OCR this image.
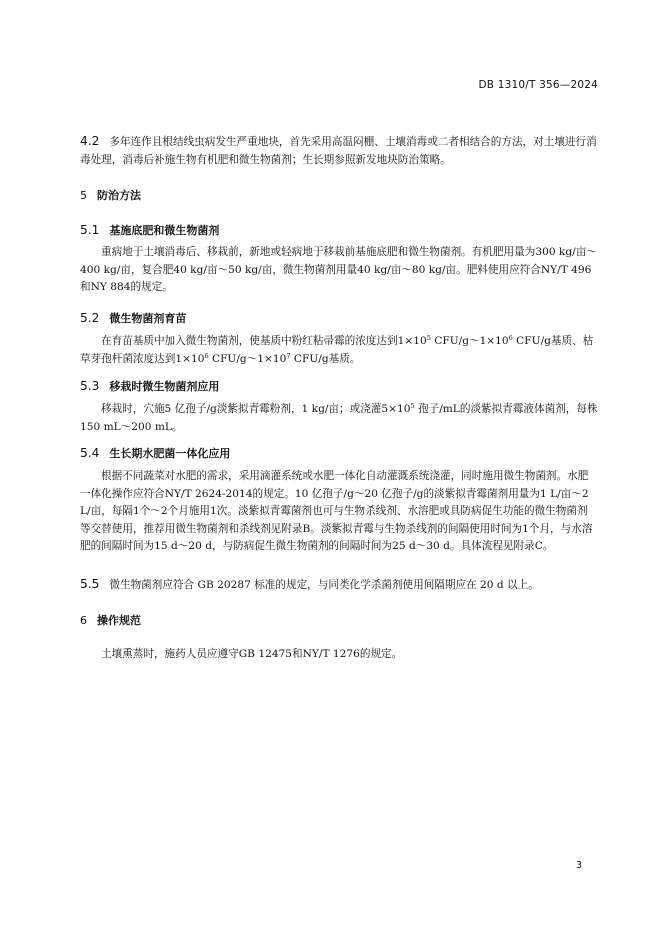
DB 1310/T 356—2024

4.2 多年连作且根结线虫病发生严重地块，首先采用高温闷棚、土壤消毒或二者相结合的方法，对土壤进行消毒处理，消毒后补施生物有机肥和微生物菌剂；生长期参照新发地块防治策略。

5 防治方法
5.1 基施底肥和微生物菌剂

重病地于土壤消毒后、移栽前，新地或轻病地于移栽前基施底肥和微生物菌剂。有机肥用量为300 kg/亩～400 kg/亩，复合肥40 kg/亩～50 kg/亩，微生物菌剂用量40 kg/亩～80 kg/亩。肥料使用应符合NY/T 496和NY 884的规定。

5.2 微生物菌剂育苗

在育苗基质中加入微生物菌剂，使基质中粉红粘帚霉的浓度达到$1\times 10^5$ CFU/$g\sim 1\times 10^6$ CFU/g基质、枯草芽孢杆菌浓度达到$1\times 10^6$ CFU/$g\sim 1\times 10^7$ CFU/g基质。

5.3 移栽时微生物菌剂应用

移栽时，穴施5 亿孢子/g淡紫拟青霉粉剂，1 kg/亩；或浇灌$5\times 10^5$ 孢子/mL的淡紫拟青霉液体菌剂，每株150 mL～200 mL。

5.4 生长期水肥菌一体化应用

根据不同蔬菜对水肥的需求，采用滴灌系统或水肥一体化自动灌溉系统浇灌，同时施用微生物菌剂。水肥一体化操作应符合NY/T 2624-2014的规定。10 亿孢子/g～20 亿孢子/g的淡紫拟青霉菌剂用量为1 L/亩～2 L/亩，每隔1个～2个月施用1次。淡紫拟青霉菌剂也可与生物杀线剂、水溶肥或具防病促生功能的微生物菌剂等交替使用，推荐用微生物菌剂和杀线剂见附录B。淡紫拟青霉与生物杀线剂的间隔使用时间为1个月，与水溶肥的间隔时间为15 d～20 d，与防病促生微生物菌剂的间隔时间为25 d～30 d。具体流程见附录C。

5.5 微生物菌剂应符合 GB 20287 标准的规定，与同类化学杀菌剂使用间隔期应在 20 d 以上。

6 操作规范

土壤熏蒸时，施药人员应遵守GB 12475和NY/T 1276的规定。

3
